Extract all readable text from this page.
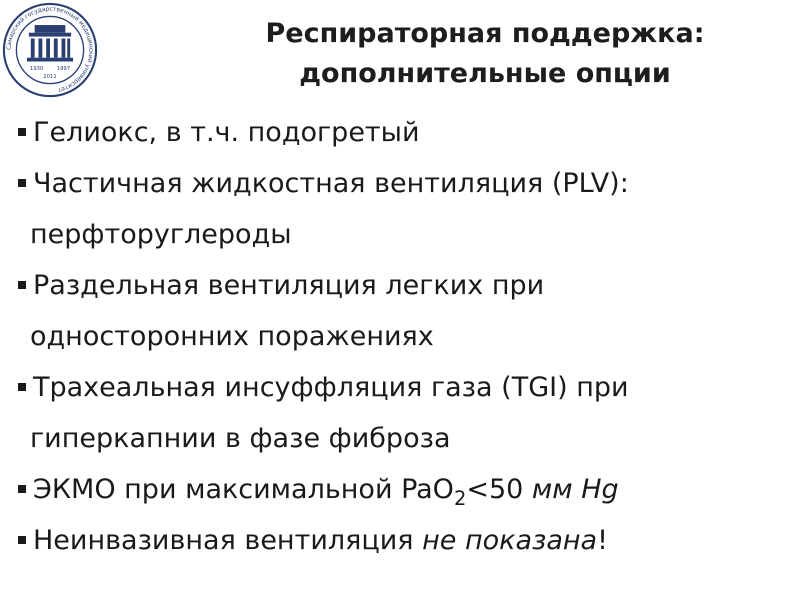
Самарский государственный медицинский университет
1930 1997
2011
Респираторная поддержка:
дополнительные опции
Гелиокс, в т.ч. подогретый
Частичная жидкостная вентиляция (PLV):
перфторуглероды
Раздельная вентиляция легких при
односторонних поражениях
Трахеальная инсуффляция газа (TGI) при
гиперкапнии в фазе фиброза
ЭКМО при максимальной PaO$_2$<50 мм Hg
Неинвазивная вентиляция не показана!
